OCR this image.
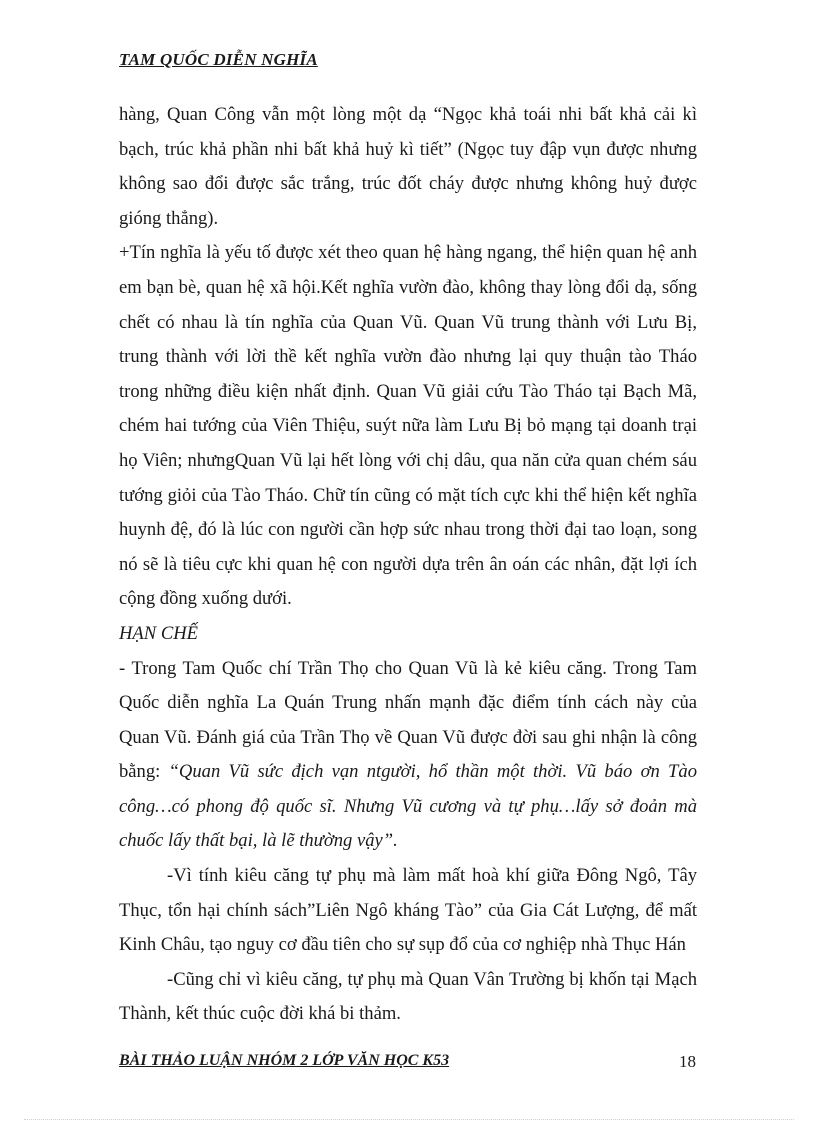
TAM QUỐC DIỄN NGHĨA

hàng, Quan Công vẫn một lòng một dạ “Ngọc khả toái nhi bất khả cải kì bạch, trúc khả phần nhi bất khả huỷ kì tiết” (Ngọc tuy đập vụn được nhưng không sao đổi được sắc trắng, trúc đốt cháy được nhưng không huỷ được gióng thẳng).

+Tín nghĩa là yếu tố được xét theo quan hệ hàng ngang, thể hiện quan hệ anh em bạn bè, quan hệ xã hội.Kết nghĩa vườn đào, không thay lòng đổi dạ, sống chết có nhau là tín nghĩa của Quan Vũ. Quan Vũ trung thành với Lưu Bị, trung thành với lời thề kết nghĩa vườn đào nhưng lại quy thuận tào Tháo trong những điều kiện nhất định. Quan Vũ giải cứu Tào Tháo tại Bạch Mã, chém hai tướng của Viên Thiệu, suýt nữa làm Lưu Bị bỏ mạng tại doanh trại họ Viên; nhưngQuan Vũ lại hết lòng với chị dâu, qua năn cửa quan chém sáu tướng giỏi của Tào Tháo. Chữ tín cũng có mặt tích cực khi thể hiện kết nghĩa huynh đệ, đó là lúc con người cần hợp sức nhau trong thời đại tao loạn, song nó sẽ là tiêu cực khi quan hệ con người dựa trên ân oán các nhân, đặt lợi ích cộng đồng xuống dưới.

HẠN CHẾ

- Trong Tam Quốc chí Trần Thọ cho Quan Vũ là kẻ kiêu căng. Trong Tam Quốc diễn nghĩa La Quán Trung nhấn mạnh đặc điểm tính cách này của Quan Vũ. Đánh giá của Trần Thọ về Quan Vũ được đời sau ghi nhận là công bằng: “Quan Vũ sức địch vạn ntgười, hổ thần một thời. Vũ báo ơn Tào công…có phong độ quốc sĩ. Nhưng Vũ cương và tự phụ…lấy sở đoản mà chuốc lấy thất bại, là lẽ thường vậy”.

-Vì tính kiêu căng tự phụ mà làm mất hoà khí giữa Đông Ngô, Tây Thục, tổn hại chính sách”Liên Ngô kháng Tào” của Gia Cát Lượng, để mất Kinh Châu, tạo nguy cơ đầu tiên cho sự sụp đổ của cơ nghiệp nhà Thục Hán

-Cũng chỉ vì kiêu căng, tự phụ mà Quan Vân Trường bị khốn tại Mạch Thành, kết thúc cuộc đời khá bi thảm.

BÀI THẢO LUẬN NHÓM 2 LỚP VĂN HỌC K53	18
